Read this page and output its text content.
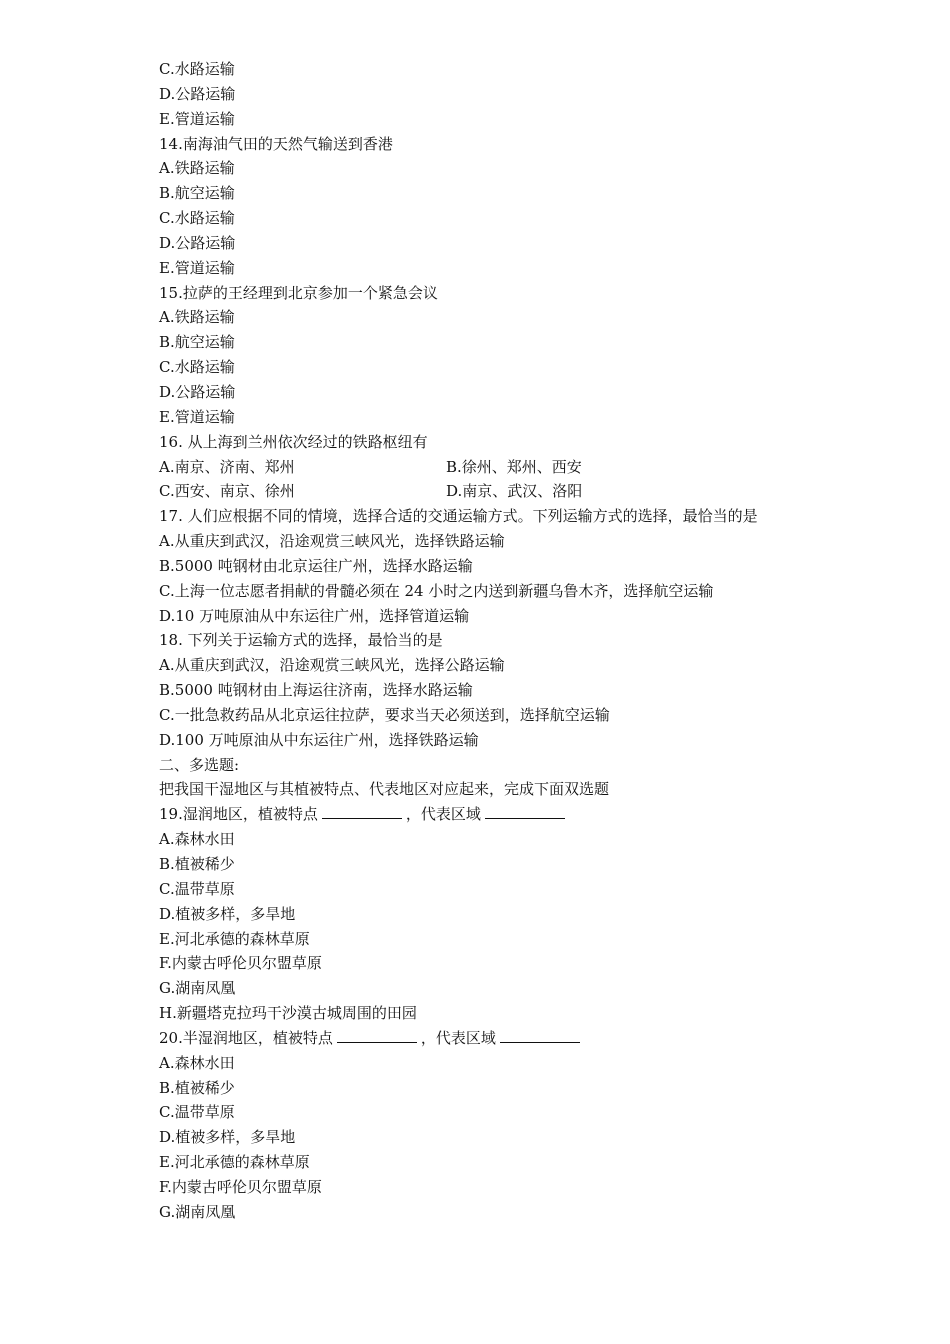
C.水路运输
D.公路运输
E.管道运输
14.南海油气田的天然气输送到香港
A.铁路运输
B.航空运输
C.水路运输
D.公路运输
E.管道运输
15.拉萨的王经理到北京参加一个紧急会议
A.铁路运输
B.航空运输
C.水路运输
D.公路运输
E.管道运输
16. 从上海到兰州依次经过的铁路枢纽有
A.南京、济南、郑州	B.徐州、郑州、西安
C.西安、南京、徐州	D.南京、武汉、洛阳
17. 人们应根据不同的情境，选择合适的交通运输方式。下列运输方式的选择，最恰当的是
A.从重庆到武汉，沿途观赏三峡风光，选择铁路运输
B.5000 吨钢材由北京运往广州，选择水路运输
C.上海一位志愿者捐献的骨髓必须在 24 小时之内送到新疆乌鲁木齐，选择航空运输
D.10 万吨原油从中东运往广州，选择管道运输
18. 下列关于运输方式的选择，最恰当的是
A.从重庆到武汉，沿途观赏三峡风光，选择公路运输
B.5000 吨钢材由上海运往济南，选择水路运输
C.一批急救药品从北京运往拉萨，要求当天必须送到，选择航空运输
D.100 万吨原油从中东运往广州，选择铁路运输
二、多选题:
把我国干湿地区与其植被特点、代表地区对应起来，完成下面双选题
19.湿润地区，植被特点	，代表区域
A.森林水田
B.植被稀少
C.温带草原
D.植被多样，多旱地
E.河北承德的森林草原
F.内蒙古呼伦贝尔盟草原
G.湖南凤凰
H.新疆塔克拉玛干沙漠古城周围的田园
20.半湿润地区，植被特点	，代表区域
A.森林水田
B.植被稀少
C.温带草原
D.植被多样，多旱地
E.河北承德的森林草原
F.内蒙古呼伦贝尔盟草原
G.湖南凤凰
